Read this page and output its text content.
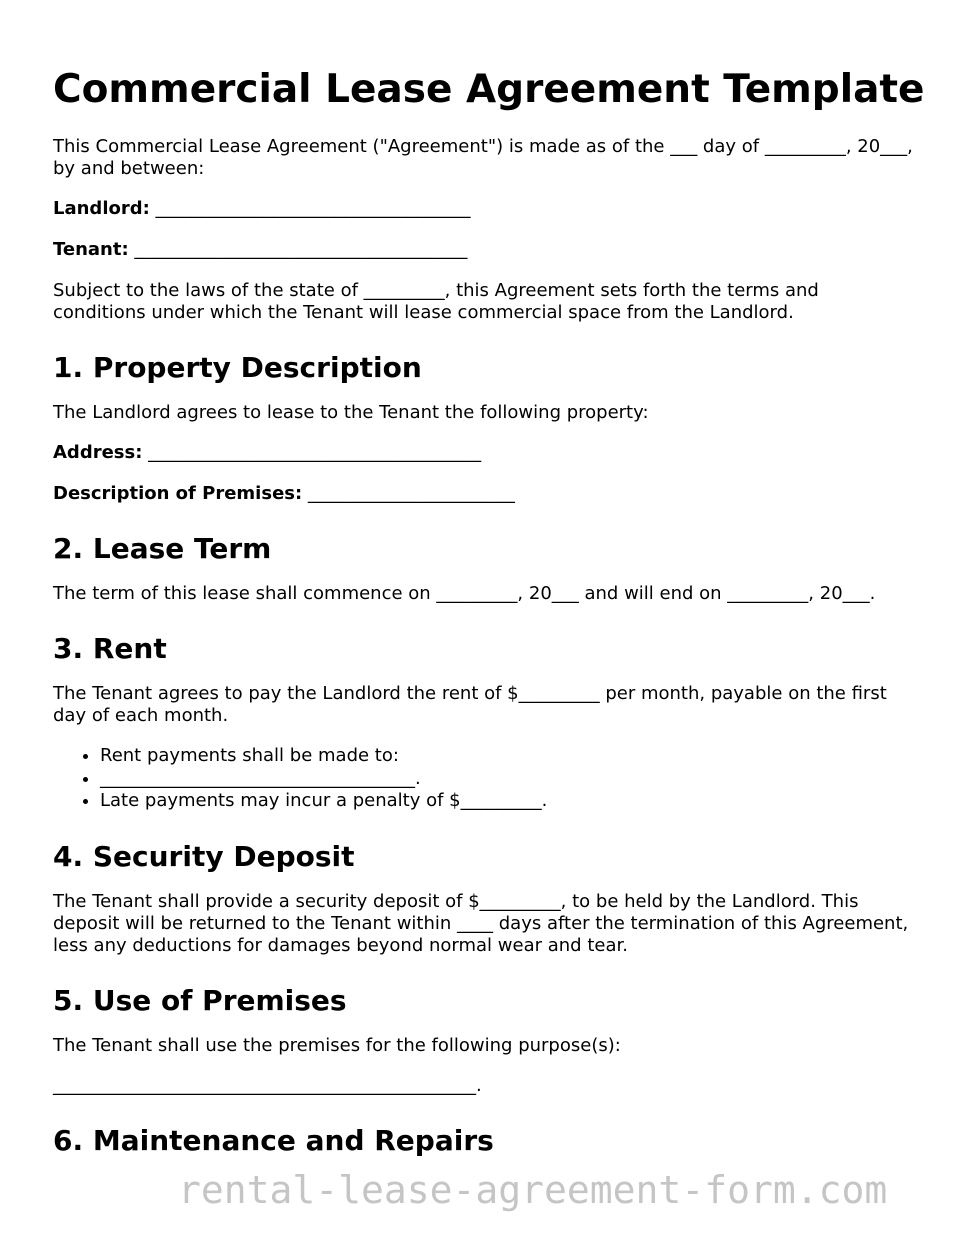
Commercial Lease Agreement Template

This Commercial Lease Agreement ("Agreement") is made as of the ___ day of _________, 20___, by and between:

Landlord: ___________________________________

Tenant: _____________________________________

Subject to the laws of the state of _________, this Agreement sets forth the terms and conditions under which the Tenant will lease commercial space from the Landlord.

1. Property Description

The Landlord agrees to lease to the Tenant the following property:

Address: _____________________________________

Description of Premises: _______________________

2. Lease Term

The term of this lease shall commence on _________, 20___ and will end on _________, 20___.

3. Rent

The Tenant agrees to pay the Landlord the rent of $_________ per month, payable on the first day of each month.

• Rent payments shall be made to:
• ___________________________________.
• Late payments may incur a penalty of $_________.
4. Security Deposit

The Tenant shall provide a security deposit of $_________, to be held by the Landlord. This deposit will be returned to the Tenant within ____ days after the termination of this Agreement, less any deductions for damages beyond normal wear and tear.

5. Use of Premises

The Tenant shall use the premises for the following purpose(s):

_______________________________________________.

6. Maintenance and Repairs
rental-lease-agreement-form.com
